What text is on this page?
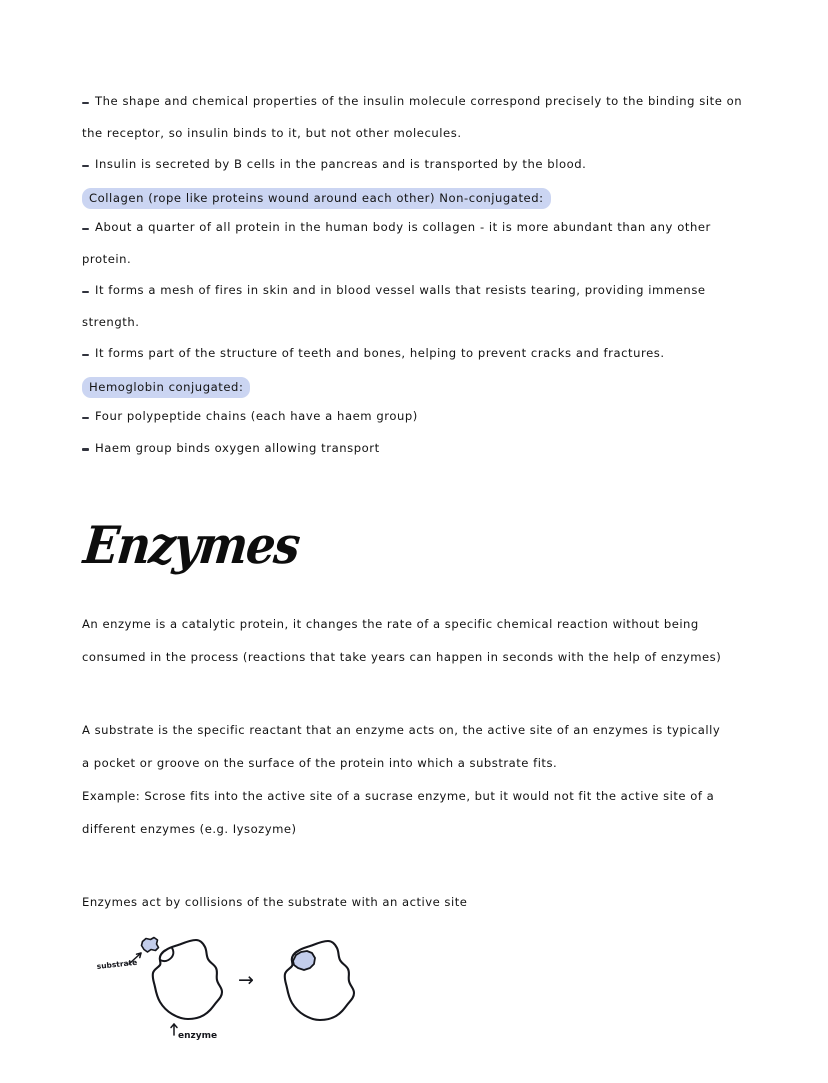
The shape and chemical properties of the insulin molecule correspond precisely to the binding site on
the receptor, so insulin binds to it, but not other molecules.
Insulin is secreted by B cells in the pancreas and is transported by the blood.
Collagen (rope like proteins wound around each other) Non-conjugated:
About a quarter of all protein in the human body is collagen - it is more abundant than any other
protein.
It forms a mesh of fires in skin and in blood vessel walls that resists tearing, providing immense
strength.
It forms part of the structure of teeth and bones, helping to prevent cracks and fractures.
Hemoglobin conjugated:
Four polypeptide chains (each have a haem group)
Haem group binds oxygen allowing transport
Enzymes
An enzyme is a catalytic protein, it changes the rate of a specific chemical reaction without being
consumed in the process (reactions that take years can happen in seconds with the help of enzymes)
A substrate is the specific reactant that an enzyme acts on, the active site of an enzymes is typically
a pocket or groove on the surface of the protein into which a substrate fits.
Example: Scrose fits into the active site of a sucrase enzyme, but it would not fit the active site of a
different enzymes (e.g. Iysozyme)
Enzymes act by collisions of the substrate with an active site
substrate
enzyme
→
